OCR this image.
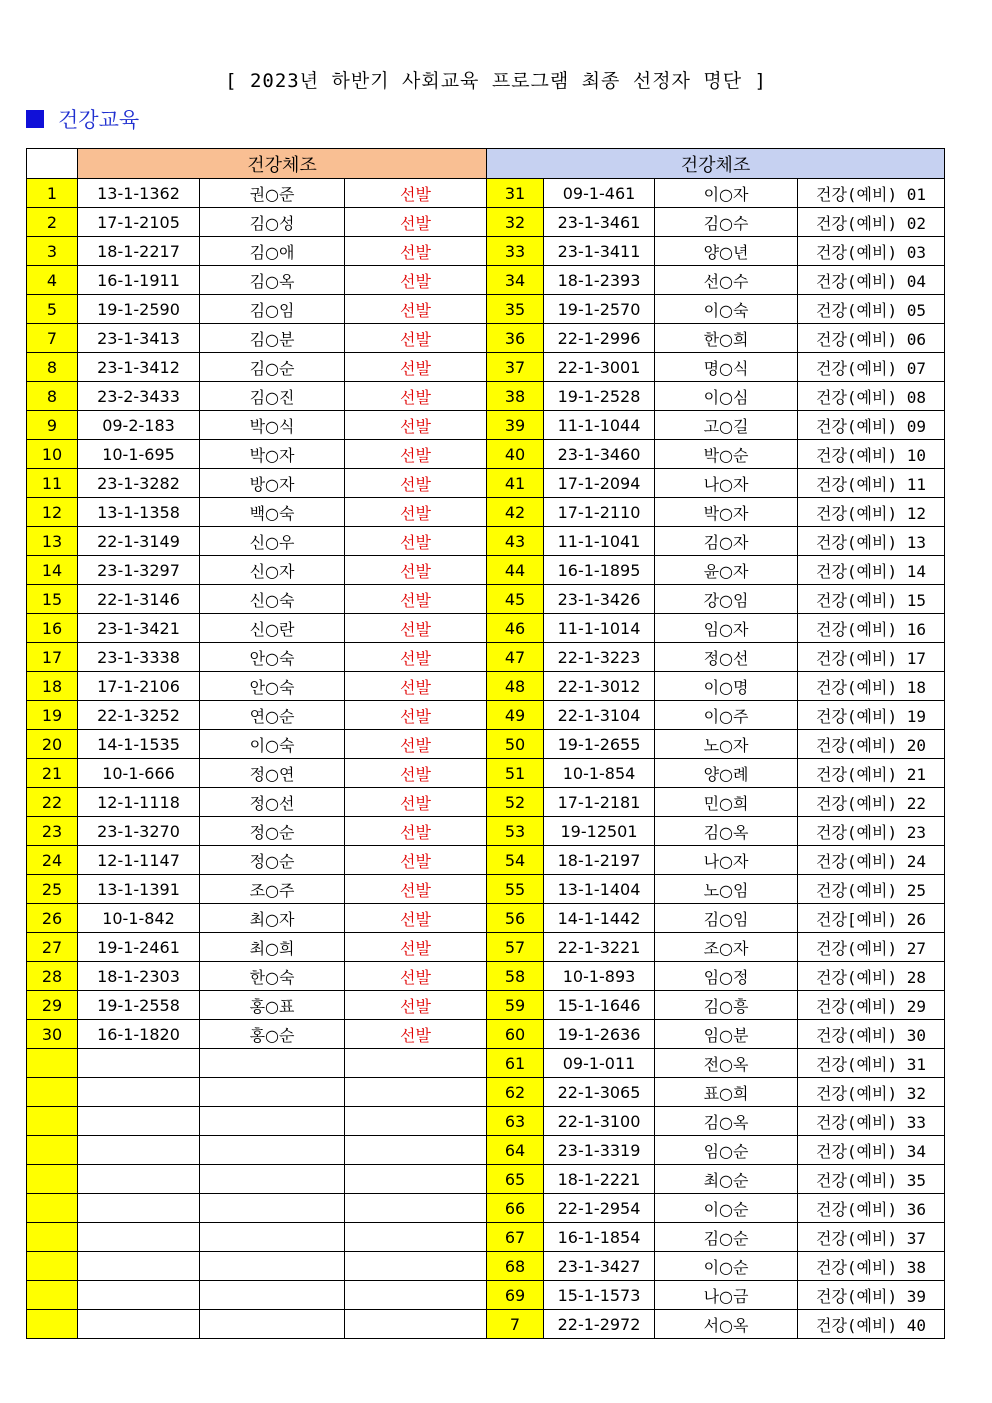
[ 2023년 하반기 사회교육 프로그램 최종 선정자 명단 ]
건강교육
	건강체조			건강체조			
1	13-1-1362	권○준	선발	31	09-1-461	이○자	건강(예비) 01
2	17-1-2105	김○성	선발	32	23-1-3461	김○수	건강(예비) 02
3	18-1-2217	김○애	선발	33	23-1-3411	양○년	건강(예비) 03
4	16-1-1911	김○옥	선발	34	18-1-2393	선○수	건강(예비) 04
5	19-1-2590	김○임	선발	35	19-1-2570	이○숙	건강(예비) 05
7	23-1-3413	김○분	선발	36	22-1-2996	한○희	건강(예비) 06
8	23-1-3412	김○순	선발	37	22-1-3001	명○식	건강(예비) 07
8	23-2-3433	김○진	선발	38	19-1-2528	이○심	건강(예비) 08
9	09-2-183	박○식	선발	39	11-1-1044	고○길	건강(예비) 09
10	10-1-695	박○자	선발	40	23-1-3460	박○순	건강(예비) 10
11	23-1-3282	방○자	선발	41	17-1-2094	나○자	건강(예비) 11
12	13-1-1358	백○숙	선발	42	17-1-2110	박○자	건강(예비) 12
13	22-1-3149	신○우	선발	43	11-1-1041	김○자	건강(예비) 13
14	23-1-3297	신○자	선발	44	16-1-1895	윤○자	건강(예비) 14
15	22-1-3146	신○숙	선발	45	23-1-3426	강○임	건강(예비) 15
16	23-1-3421	신○란	선발	46	11-1-1014	임○자	건강(예비) 16
17	23-1-3338	안○숙	선발	47	22-1-3223	정○선	건강(예비) 17
18	17-1-2106	안○숙	선발	48	22-1-3012	이○명	건강(예비) 18
19	22-1-3252	연○순	선발	49	22-1-3104	이○주	건강(예비) 19
20	14-1-1535	이○숙	선발	50	19-1-2655	노○자	건강(예비) 20
21	10-1-666	정○연	선발	51	10-1-854	양○례	건강(예비) 21
22	12-1-1118	정○선	선발	52	17-1-2181	민○희	건강(예비) 22
23	23-1-3270	정○순	선발	53	19-12501	김○옥	건강(예비) 23
24	12-1-1147	정○순	선발	54	18-1-2197	나○자	건강(예비) 24
25	13-1-1391	조○주	선발	55	13-1-1404	노○임	건강(예비) 25
26	10-1-842	최○자	선발	56	14-1-1442	김○임	건강[예비) 26
27	19-1-2461	최○희	선발	57	22-1-3221	조○자	건강(예비) 27
28	18-1-2303	한○숙	선발	58	10-1-893	임○정	건강(예비) 28
29	19-1-2558	홍○표	선발	59	15-1-1646	김○흥	건강(예비) 29
30	16-1-1820	홍○순	선발	60	19-1-2636	임○분	건강(예비) 30
				61	09-1-011	전○옥	건강(예비) 31
				62	22-1-3065	표○희	건강(예비) 32
				63	22-1-3100	김○옥	건강(예비) 33
				64	23-1-3319	임○순	건강(예비) 34
				65	18-1-2221	최○순	건강(예비) 35
				66	22-1-2954	이○순	건강(예비) 36
				67	16-1-1854	김○순	건강(예비) 37
				68	23-1-3427	이○순	건강(예비) 38
				69	15-1-1573	나○금	건강(예비) 39
				7	22-1-2972	서○옥	건강(예비) 40
